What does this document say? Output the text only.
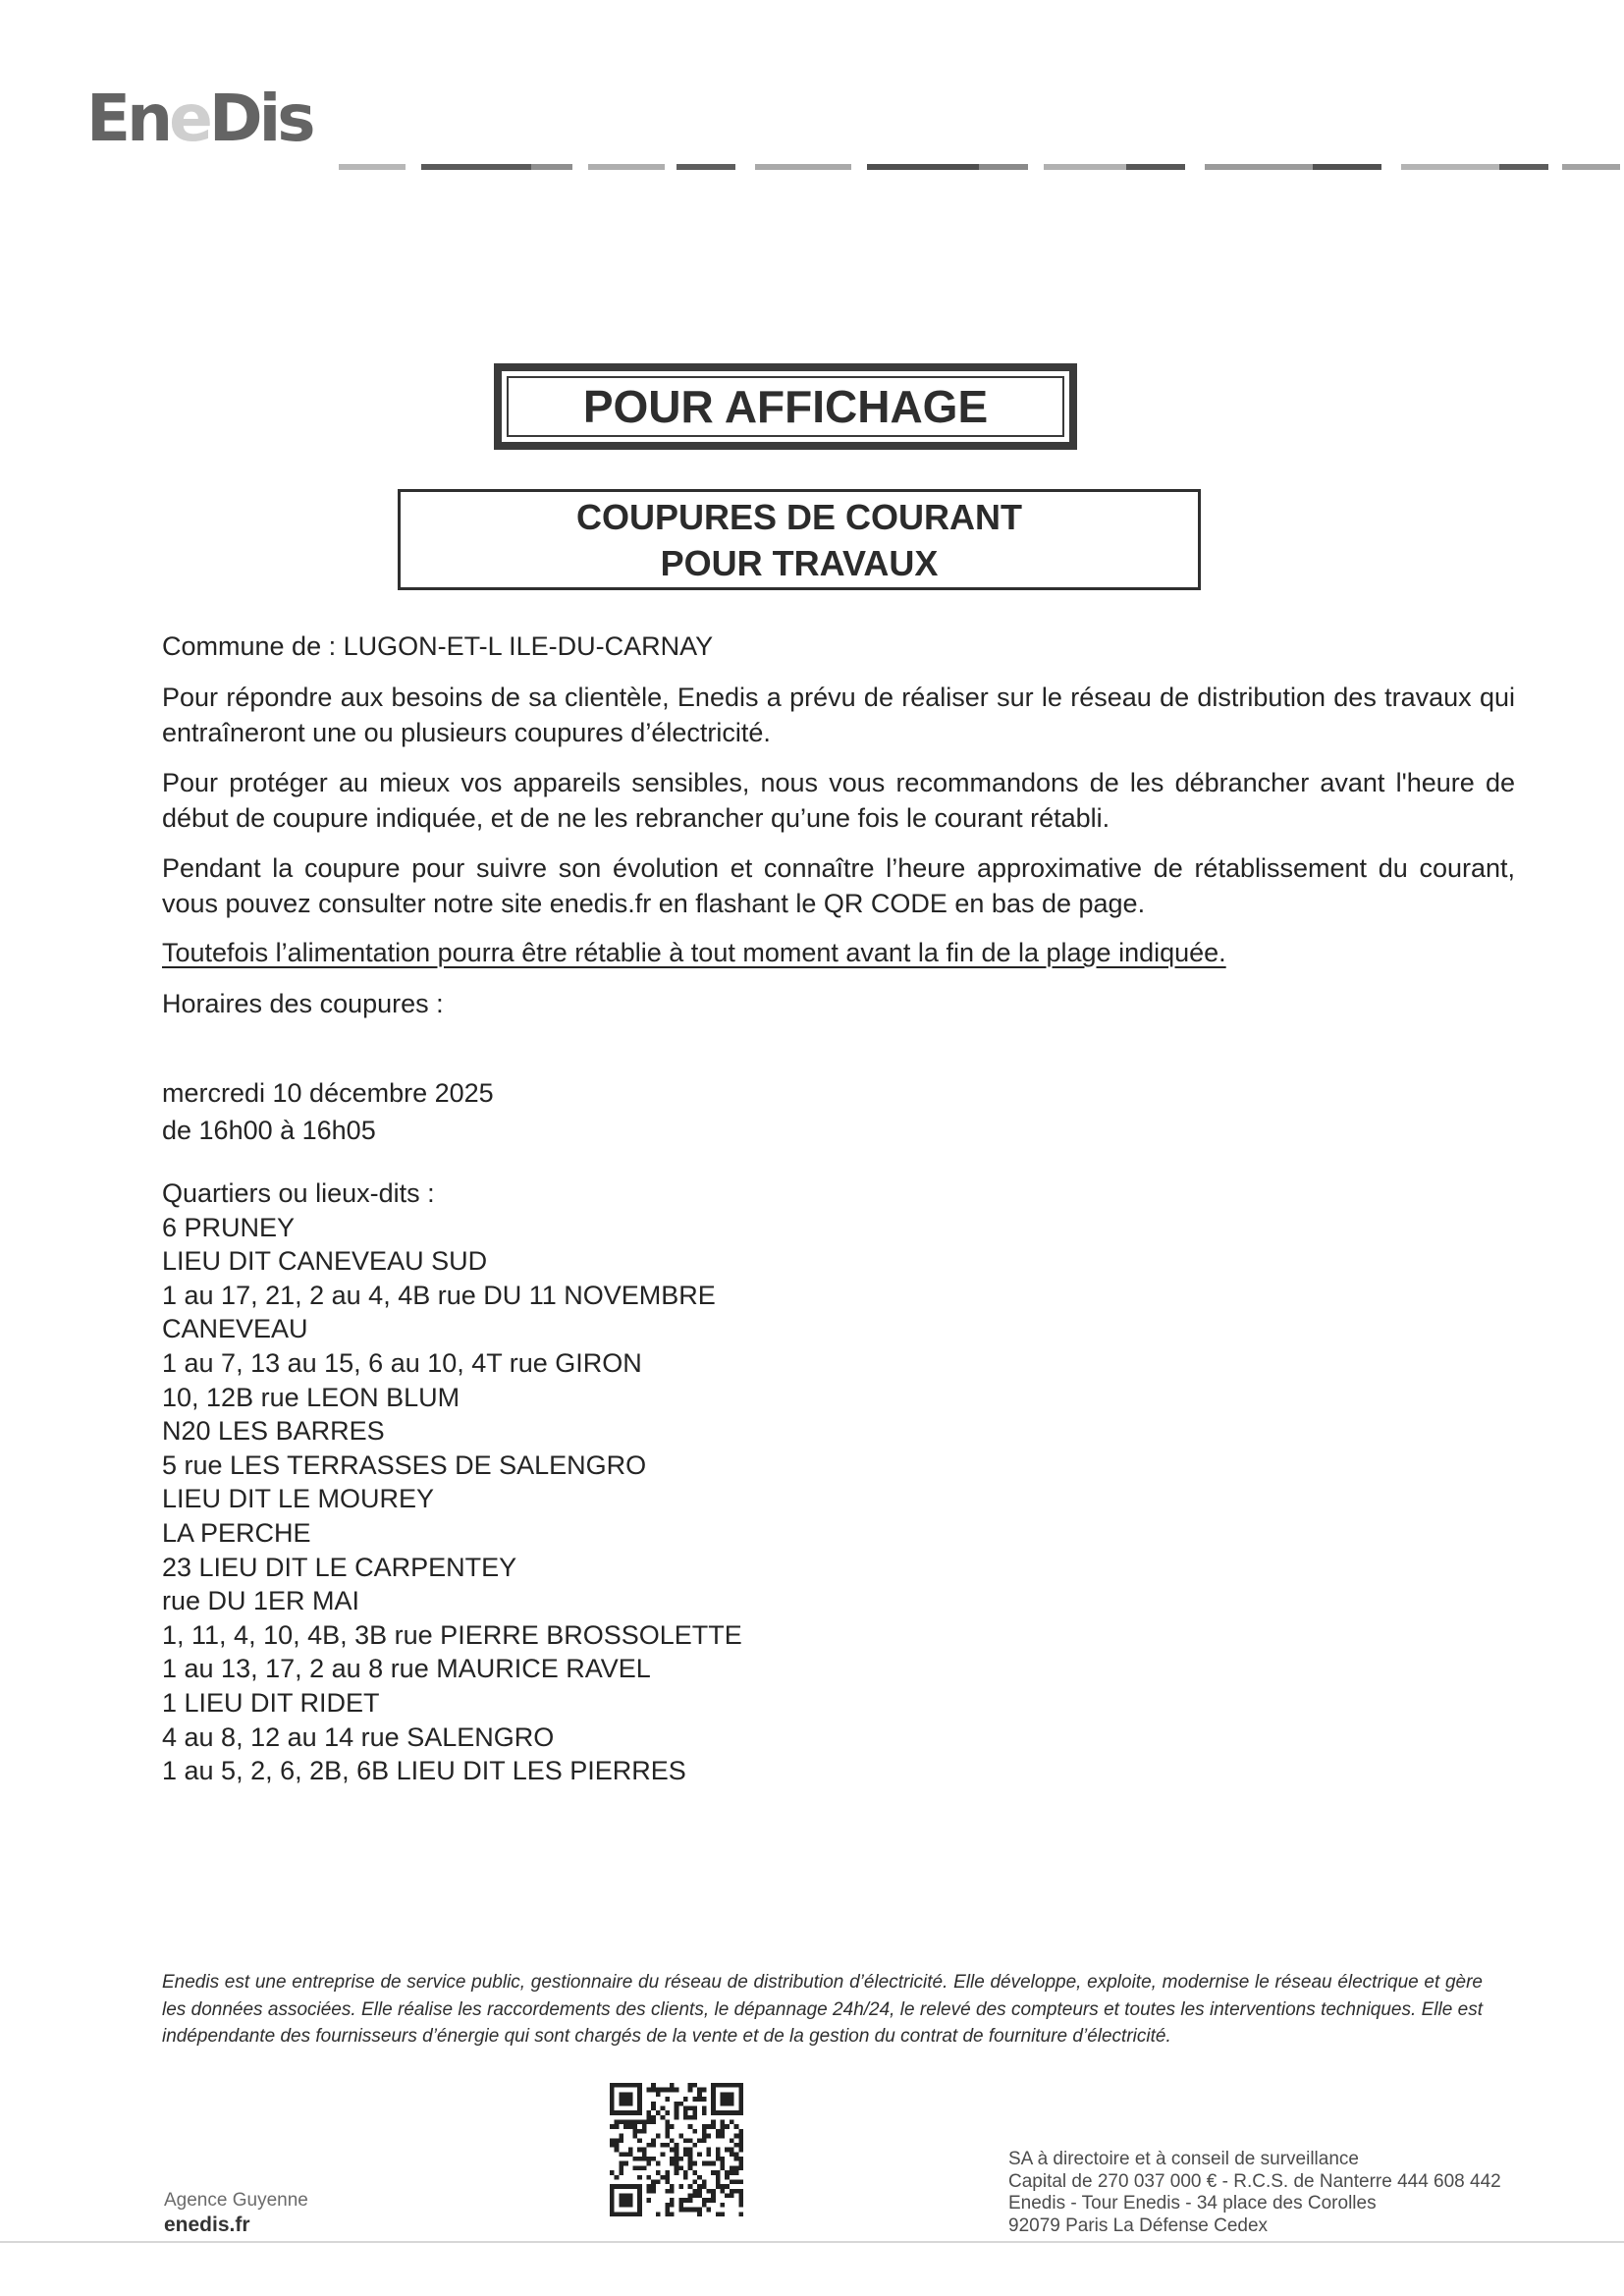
EneDis
POUR AFFICHAGE
COUPURES DE COURANT
POUR TRAVAUX
Commune de : LUGON-ET-L ILE-DU-CARNAY
Pour répondre aux besoins de sa clientèle, Enedis a prévu de réaliser sur le réseau de distribution des travaux qui entraîneront une ou plusieurs coupures d’électricité.
Pour protéger au mieux vos appareils sensibles, nous vous recommandons de les débrancher avant l'heure de début de coupure indiquée, et de ne les rebrancher qu’une fois le courant rétabli.
Pendant la coupure pour suivre son évolution et connaître l’heure approximative de rétablissement du courant, vous pouvez consulter notre site enedis.fr en flashant le QR CODE en bas de page.
Toutefois l’alimentation pourra être rétablie à tout moment avant la fin de la plage indiquée.
Horaires des coupures :
mercredi 10 décembre 2025
de 16h00 à 16h05
Quartiers ou lieux-dits :
6 PRUNEY
LIEU DIT CANEVEAU SUD
1 au 17, 21, 2 au 4, 4B rue DU 11 NOVEMBRE
CANEVEAU
1 au 7, 13 au 15, 6 au 10, 4T rue GIRON
10, 12B rue LEON BLUM
N20 LES BARRES
5 rue LES TERRASSES DE SALENGRO
LIEU DIT LE MOUREY
LA PERCHE
23 LIEU DIT LE CARPENTEY
rue DU 1ER MAI
1, 11, 4, 10, 4B, 3B rue PIERRE BROSSOLETTE
1 au 13, 17, 2 au 8 rue MAURICE RAVEL
1 LIEU DIT RIDET
4 au 8, 12 au 14 rue SALENGRO
1 au 5, 2, 6, 2B, 6B LIEU DIT LES PIERRES
Enedis est une entreprise de service public, gestionnaire du réseau de distribution d’électricité. Elle développe, exploite, modernise le réseau électrique et gère les données associées. Elle réalise les raccordements des clients, le dépannage 24h/24, le relevé des compteurs et toutes les interventions techniques. Elle est indépendante des fournisseurs d’énergie qui sont chargés de la vente et de la gestion du contrat de fourniture d’électricité.
SA à directoire et à conseil de surveillance
Capital de 270 037 000 € - R.C.S. de Nanterre 444 608 442
Enedis - Tour Enedis - 34 place des Corolles
92079 Paris La Défense Cedex
Agence Guyenne
enedis.fr
